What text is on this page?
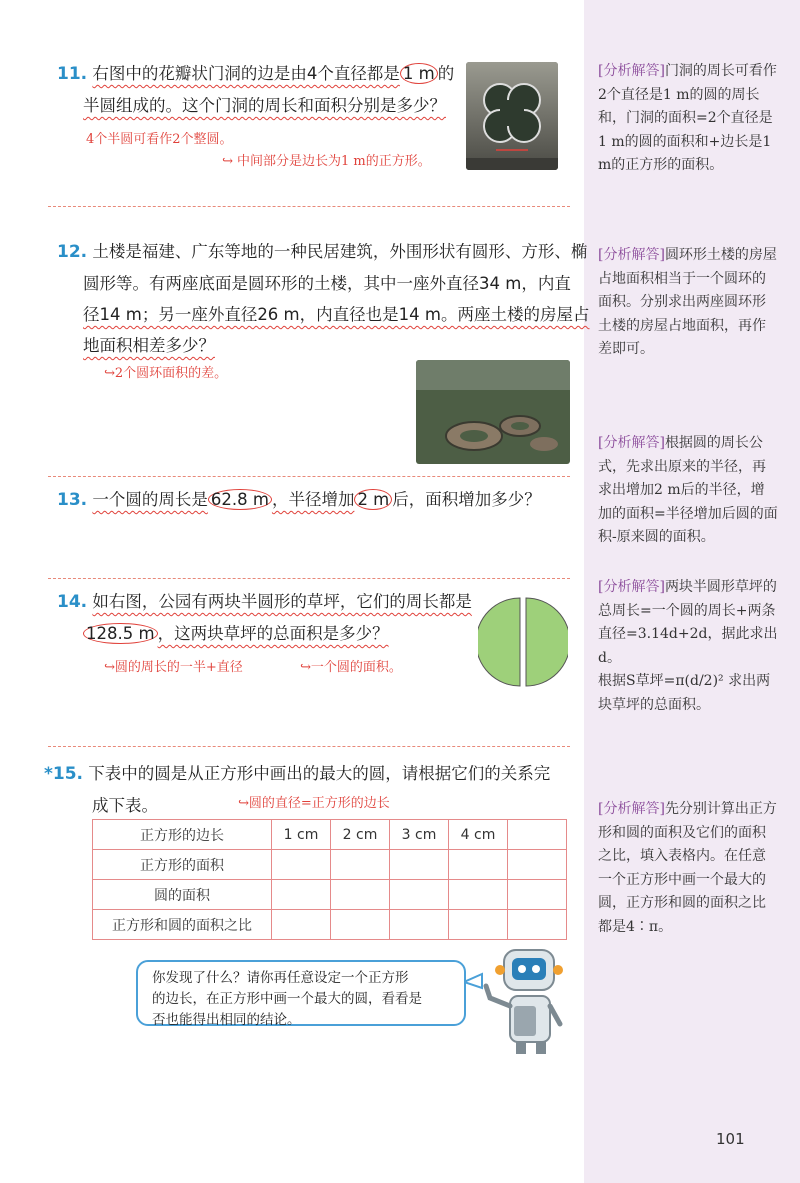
[分析解答]门洞的周长可看作2个直径是1 m的圆的周长和，门洞的面积=2个直径是1 m的圆的面积和+边长是1 m的正方形的面积。
[分析解答]圆环形土楼的房屋占地面积相当于一个圆环的面积。分别求出两座圆环形土楼的房屋占地面积，再作差即可。
[分析解答]根据圆的周长公式，先求出原来的半径，再求出增加2 m后的半径，增加的面积=半径增加后圆的面积-原来圆的面积。
[分析解答]两块半圆形草坪的总周长=一个圆的周长+两条直径=3.14d+2d，据此求出d。
根据S草坪=π(d/2)² 求出两块草坪的总面积。
[分析解答]先分别计算出正方形和圆的面积及它们的面积之比，填入表格内。在任意一个正方形中画一个最大的圆，正方形和圆的面积之比都是4∶π。
11. 右图中的花瓣状门洞的边是由4个直径都是 1 m 的
半圆组成的。这个门洞的周长和面积分别是多少？
4个半圆可看作2个整圆。
↪ 中间部分是边长为1 m的正方形。
12. 土楼是福建、广东等地的一种民居建筑，外围形状有圆形、方形、椭
圆形等。有两座底面是圆环形的土楼，其中一座外直径34 m，内直
径14 m；另一座外直径26 m，内直径也是14 m。两座土楼的房屋占
地面积相差多少？
↪2个圆环面积的差。
13. 一个圆的周长是 62.8 m ，半径增加 2 m 后，面积增加多少？
14. 如右图，公园有两块半圆形的草坪，它们的周长都是
128.5 m ，这两块草坪的总面积是多少？
↪圆的周长的一半+直径	↪一个圆的面积。
*15. 下表中的圆是从正方形中画出的最大的圆，请根据它们的关系完
成下表。	↪圆的直径=正方形的边长
正方形的边长	1 cm	2 cm	3 cm	4 cm	
正方形的面积					
圆的面积					
正方形和圆的面积之比					
你发现了什么？请你再任意设定一个正方形
的边长，在正方形中画一个最大的圆，看看是
否也能得出相同的结论。
101
